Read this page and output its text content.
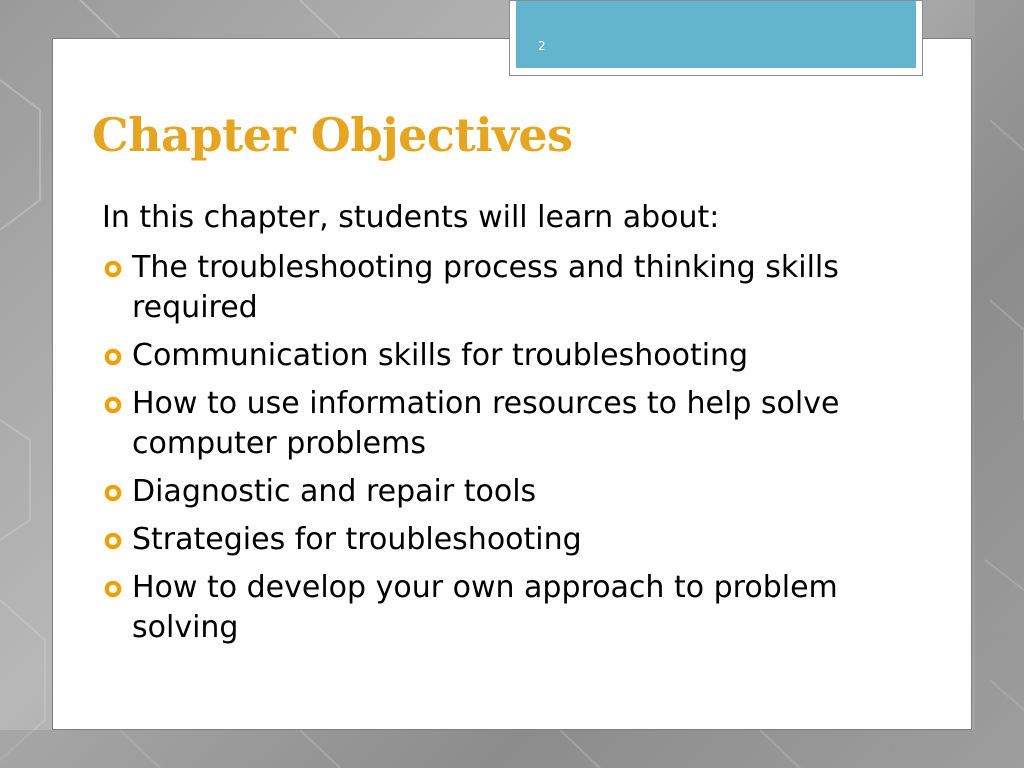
2
Chapter Objectives

In this chapter, students will learn about:

The troubleshooting process and thinking skills required
Communication skills for troubleshooting
How to use information resources to help solve computer problems
Diagnostic and repair tools
Strategies for troubleshooting
How to develop your own approach to problem solving
